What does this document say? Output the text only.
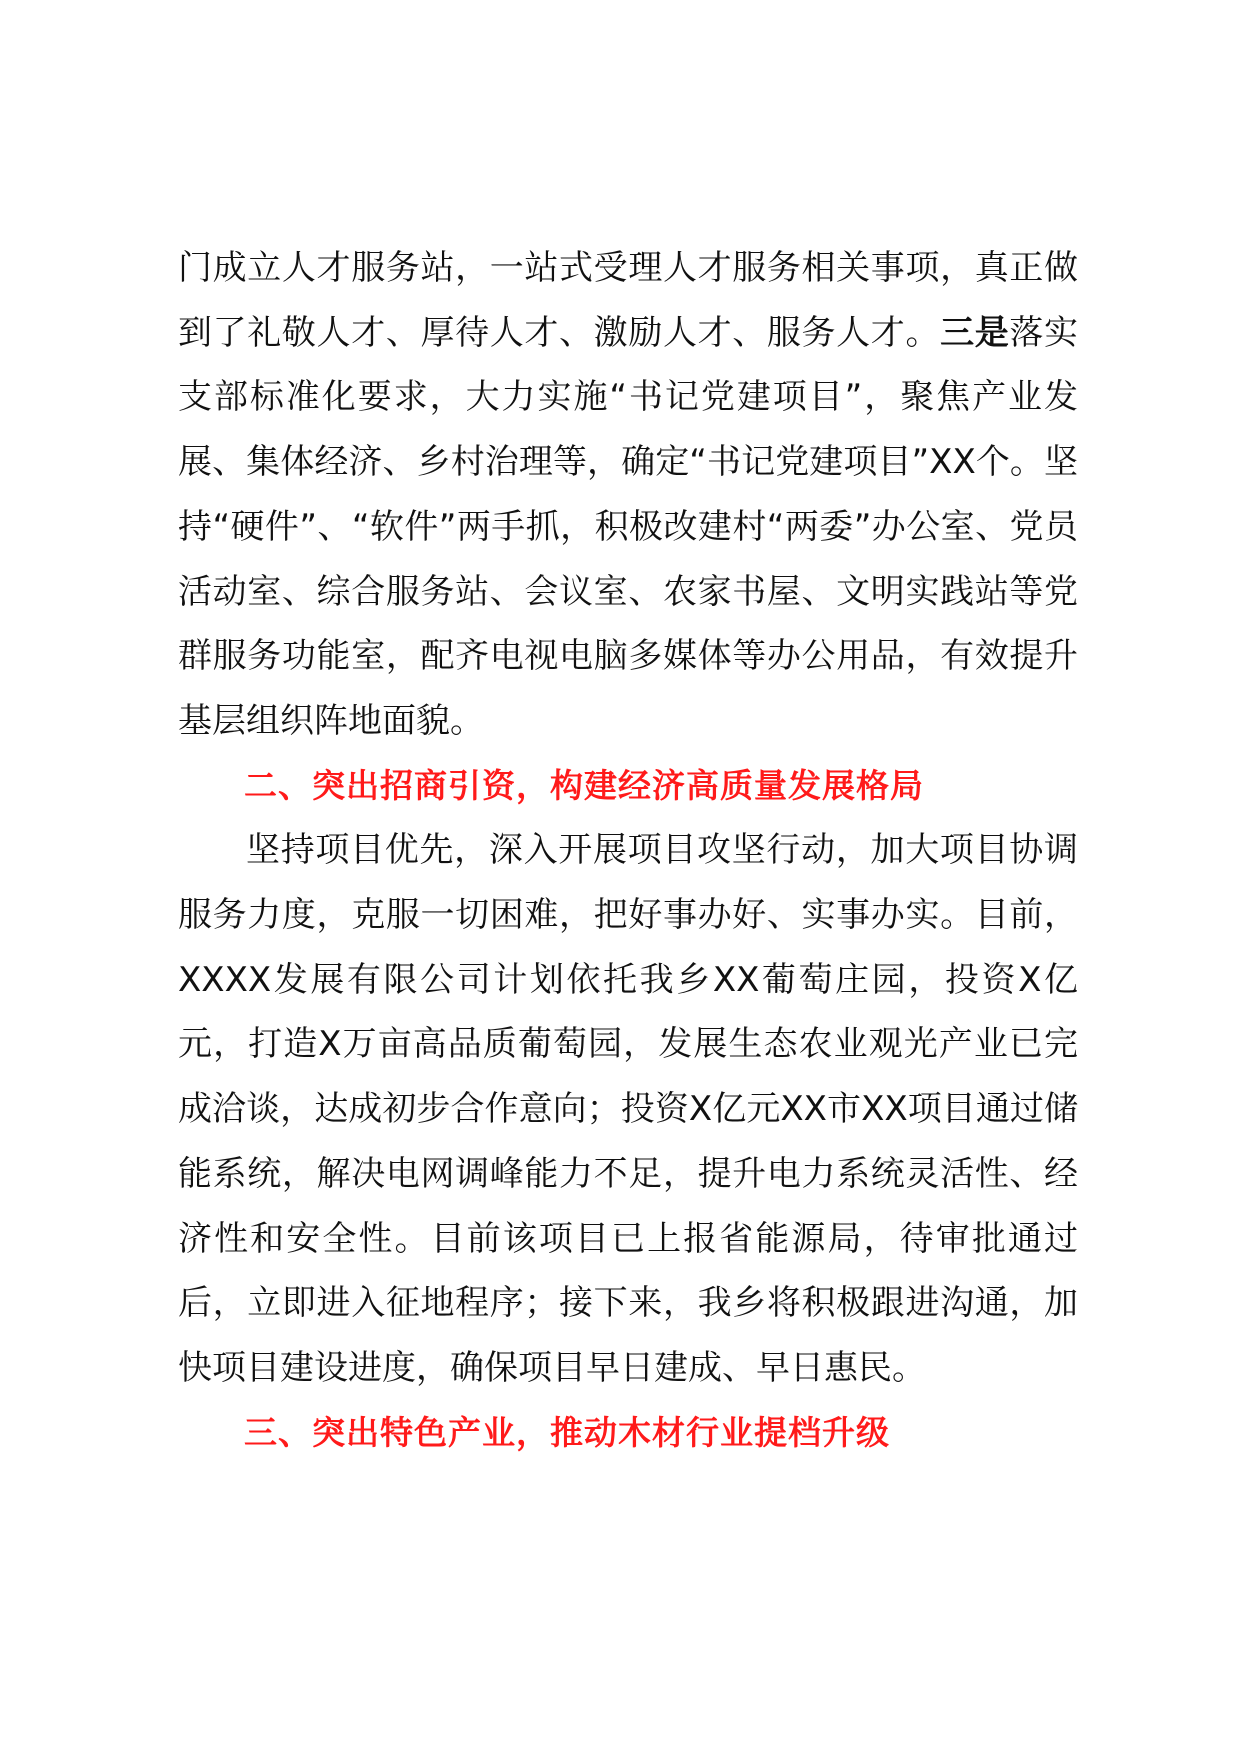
门成立人才服务站，一站式受理人才服务相关事项，真正做到了礼敬人才、厚待人才、激励人才、服务人才。三是落实支部标准化要求，大力实施“书记党建项目”，聚焦产业发展、集体经济、乡村治理等，确定“书记党建项目”XX个。坚持“硬件”、“软件”两手抓，积极改建村“两委”办公室、党员活动室、综合服务站、会议室、农家书屋、文明实践站等党群服务功能室，配齐电视电脑多媒体等办公用品，有效提升基层组织阵地面貌。

二、突出招商引资，构建经济高质量发展格局

坚持项目优先，深入开展项目攻坚行动，加大项目协调服务力度，克服一切困难，把好事办好、实事办实。目前，XXXX发展有限公司计划依托我乡XX葡萄庄园，投资X亿元，打造X万亩高品质葡萄园，发展生态农业观光产业已完成洽谈，达成初步合作意向；投资X亿元XX市XX项目通过储能系统，解决电网调峰能力不足，提升电力系统灵活性、经济性和安全性。目前该项目已上报省能源局，待审批通过后，立即进入征地程序；接下来，我乡将积极跟进沟通，加快项目建设进度，确保项目早日建成、早日惠民。

三、突出特色产业，推动木材行业提档升级
